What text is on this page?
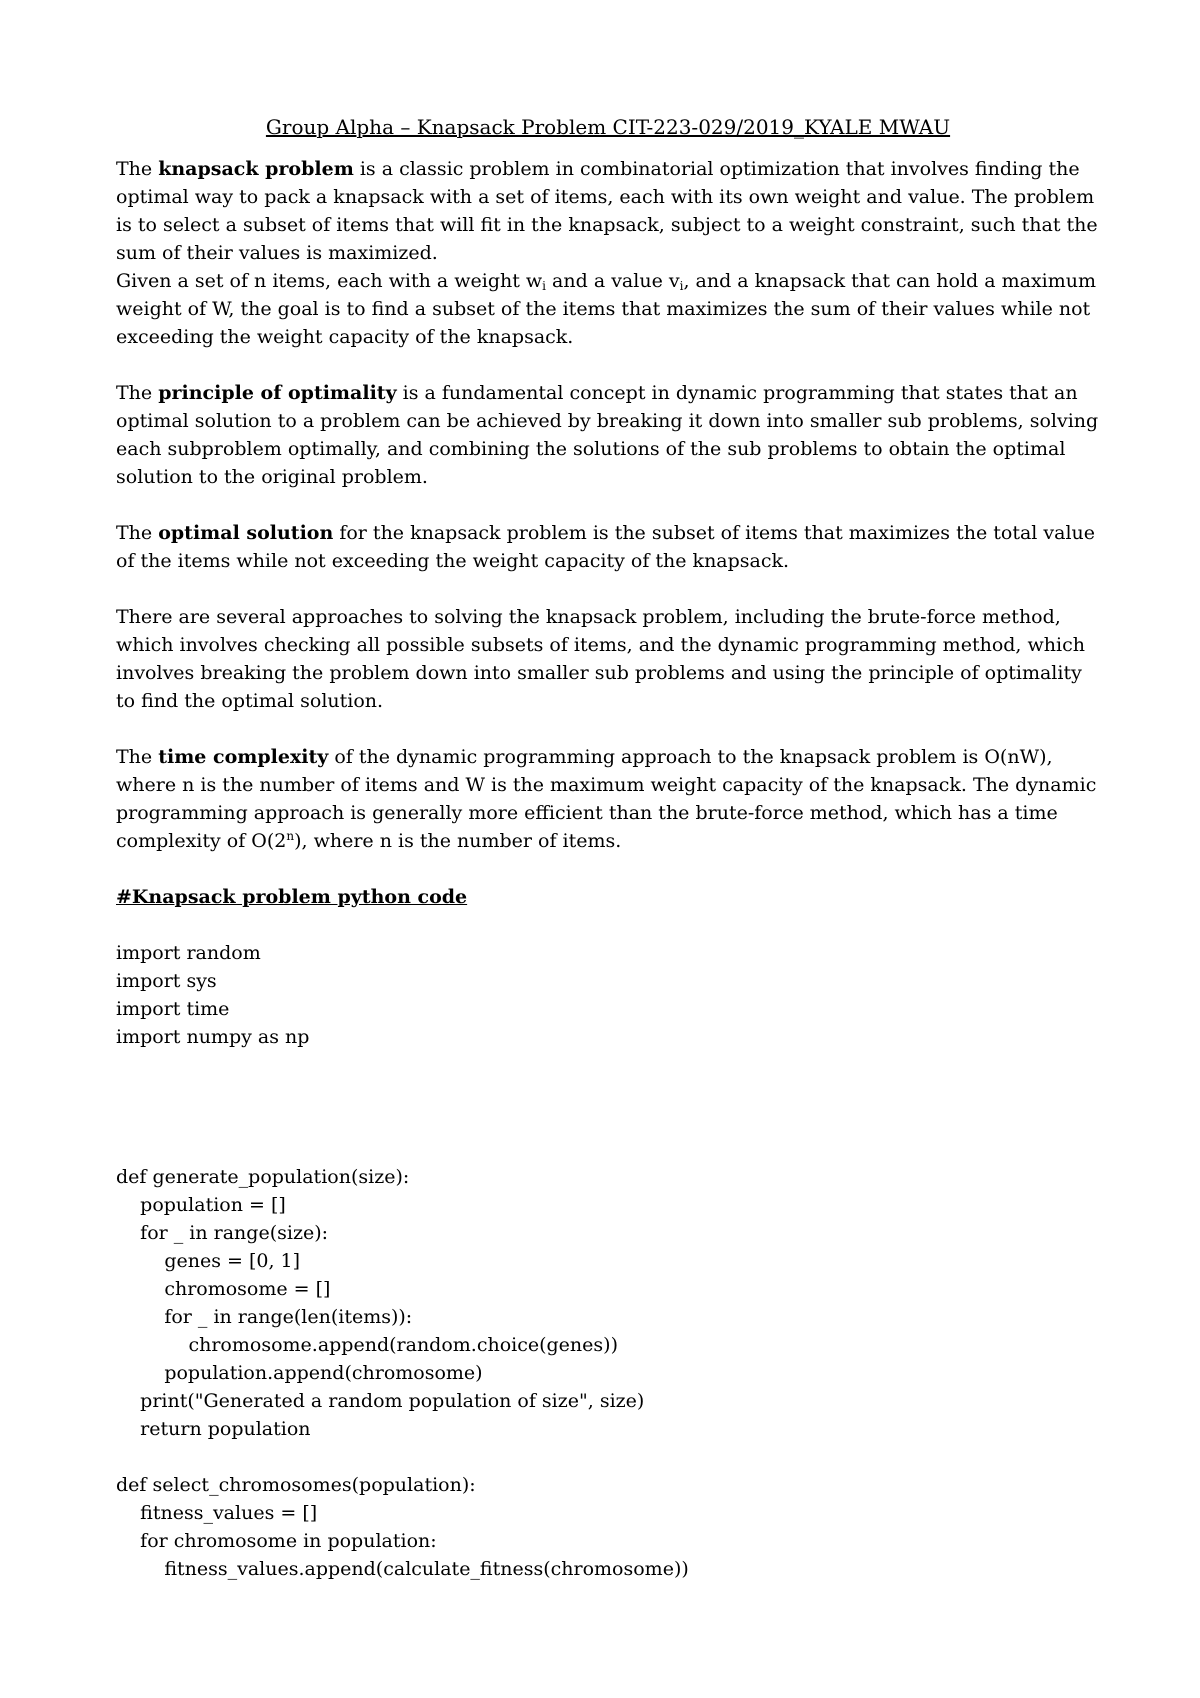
Group Alpha – Knapsack Problem CIT-223-029/2019_KYALE MWAU

The knapsack problem is a classic problem in combinatorial optimization that involves finding the optimal way to pack a knapsack with a set of items, each with its own weight and value. The problem is to select a subset of items that will fit in the knapsack, subject to a weight constraint, such that the sum of their values is maximized.

Given a set of n items, each with a weight $w_i$ and a value $v_i$, and a knapsack that can hold a maximum weight of W, the goal is to find a subset of the items that maximizes the sum of their values while not exceeding the weight capacity of the knapsack.

The principle of optimality is a fundamental concept in dynamic programming that states that an optimal solution to a problem can be achieved by breaking it down into smaller sub problems, solving each subproblem optimally, and combining the solutions of the sub problems to obtain the optimal solution to the original problem.

The optimal solution for the knapsack problem is the subset of items that maximizes the total value of the items while not exceeding the weight capacity of the knapsack.

There are several approaches to solving the knapsack problem, including the brute-force method, which involves checking all possible subsets of items, and the dynamic programming method, which involves breaking the problem down into smaller sub problems and using the principle of optimality to find the optimal solution.

The time complexity of the dynamic programming approach to the knapsack problem is O(nW), where n is the number of items and W is the maximum weight capacity of the knapsack. The dynamic programming approach is generally more efficient than the brute-force method, which has a time complexity of O(2$^n$), where n is the number of items.

#Knapsack problem python code

import random
import sys
import time
import numpy as np
def generate_population(size):
population = []
for _ in range(size):
genes = [0, 1]
chromosome = []
for _ in range(len(items)):
chromosome.append(random.choice(genes))
population.append(chromosome)
print("Generated a random population of size", size)
return population
def select_chromosomes(population):
fitness_values = []
for chromosome in population:
fitness_values.append(calculate_fitness(chromosome))
